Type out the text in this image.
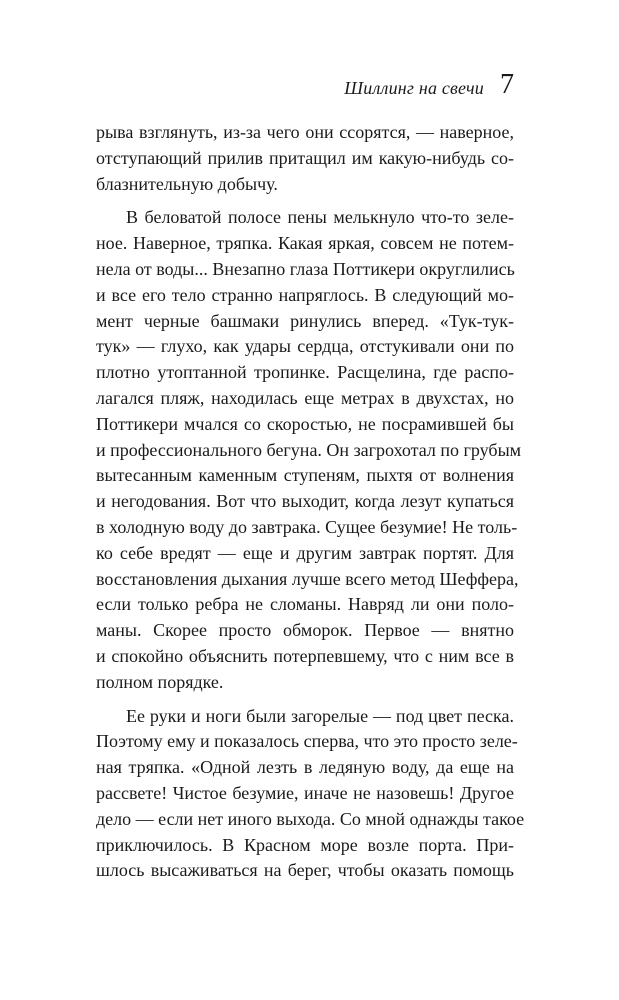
Шиллинг на свечи 7
рыва взглянуть, из-за чего они ссорятся, — наверное,
отступающий прилив притащил им какую-нибудь со-
блазнительную добычу.
В беловатой полосе пены мелькнуло что-то зеле-
ное. Наверное, тряпка. Какая яркая, совсем не потем-
нела от воды... Внезапно глаза Поттикери округлились
и все его тело странно напряглось. В следующий мо-
мент черные башмаки ринулись вперед. «Тук-тук-
тук» — глухо, как удары сердца, отстукивали они по
плотно утоптанной тропинке. Расщелина, где распо-
лагался пляж, находилась еще метрах в двухстах, но
Поттикери мчался со скоростью, не посрамившей бы
и профессионального бегуна. Он загрохотал по грубым
вытесанным каменным ступеням, пыхтя от волнения
и негодования. Вот что выходит, когда лезут купаться
в холодную воду до завтрака. Сущее безумие! Не толь-
ко себе вредят — еще и другим завтрак портят. Для
восстановления дыхания лучше всего метод Шеффера,
если только ребра не сломаны. Навряд ли они поло-
маны. Скорее просто обморок. Первое — внятно
и спокойно объяснить потерпевшему, что с ним все в
полном порядке.
Ее руки и ноги были загорелые — под цвет песка.
Поэтому ему и показалось сперва, что это просто зеле-
ная тряпка. «Одной лезть в ледяную воду, да еще на
рассвете! Чистое безумие, иначе не назовешь! Другое
дело — если нет иного выхода. Со мной однажды такое
приключилось. В Красном море возле порта. При-
шлось высаживаться на берег, чтобы оказать помощь
